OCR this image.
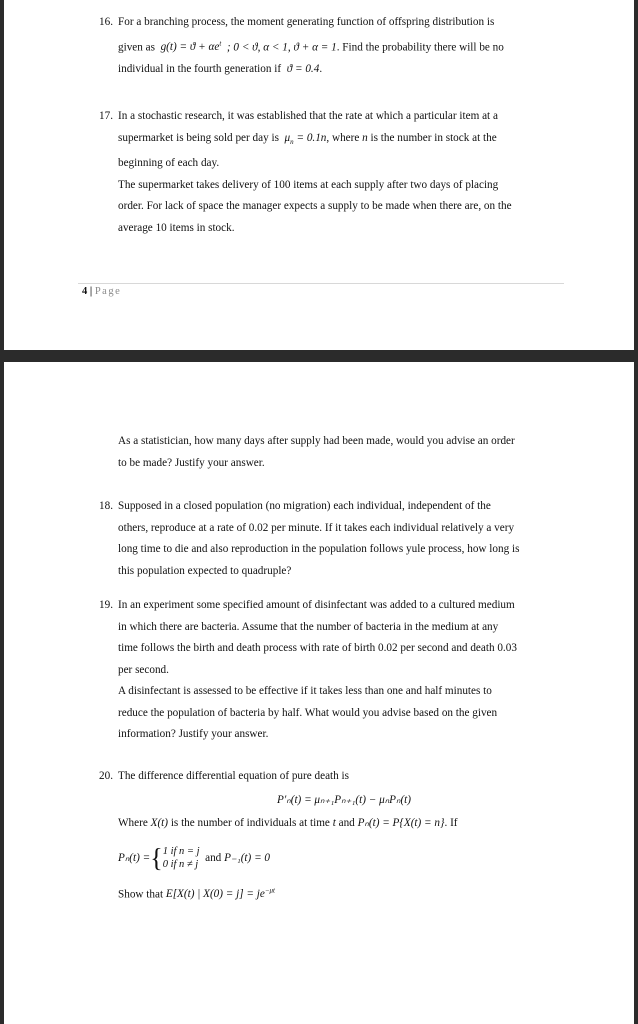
16. For a branching process, the moment generating function of offspring distribution is

given as $g(t) = ϑ + \alpha e^t$ ; 0 < ϑ, α < 1, ϑ + α = 1. Find the probability there will be no

individual in the fourth generation if ϑ = 0.4.

17. In a stochastic research, it was established that the rate at which a particular item at a

supermarket is being sold per day is $\mu_n = 0.1n$, where n is the number in stock at the

beginning of each day.

The supermarket takes delivery of 100 items at each supply after two days of placing

order. For lack of space the manager expects a supply to be made when there are, on the

average 10 items in stock.

4 | Page

As a statistician, how many days after supply had been made, would you advise an order

to be made? Justify your answer.

18. Supposed in a closed population (no migration) each individual, independent of the

others, reproduce at a rate of 0.02 per minute. If it takes each individual relatively a very

long time to die and also reproduction in the population follows yule process, how long is

this population expected to quadruple?

19. In an experiment some specified amount of disinfectant was added to a cultured medium

in which there are bacteria. Assume that the number of bacteria in the medium at any

time follows the birth and death process with rate of birth 0.02 per second and death 0.03

per second.

A disinfectant is assessed to be effective if it takes less than one and half minutes to

reduce the population of bacteria by half. What would you advise based on the given

information? Justify your answer.

20. The difference differential equation of pure death is

P′ₙ(t) = μₙ₊₁Pₙ₊₁(t) − μₙPₙ(t)

Where X(t) is the number of individuals at time t and Pₙ(t) = P{X(t) = n}. If

Pₙ(t) ={ 1 if n = j
0 if n ≠ j
and P₋₁(t) = 0

Show that E[X(t) | $X(0) = j] = je^{-\mu t}$
